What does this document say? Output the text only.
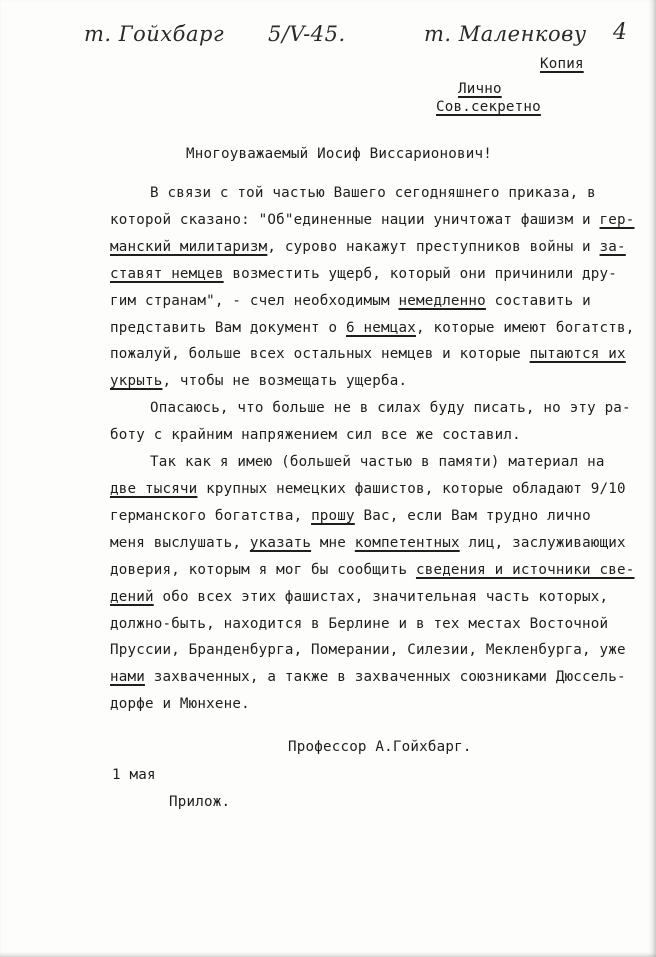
т. Гойхбарг 5/V-45.	т. Маленкову 4
Копия
Лично
Сов.секретно
Многоуважаемый Иосиф Виссарионович!
В связи с той частью Вашего сегодняшнего приказа, в
которой сказано: "Об"единенные нации уничтожат фашизм и гер-
манский милитаризм, сурово накажут преступников войны и за-
ставят немцев возместить ущерб, который они причинили дру-
гим странам", - счел необходимым немедленно составить и
представить Вам документ о 6 немцах, которые имеют богатств,
пожалуй, больше всех остальных немцев и которые пытаются их
укрыть, чтобы не возмещать ущерба.
Опасаюсь, что больше не в силах буду писать, но эту ра-
боту с крайним напряжением сил все же составил.
Так как я имею (большей частью в памяти) материал на
две тысячи крупных немецких фашистов, которые обладают 9/10
германского богатства, прошу Вас, если Вам трудно лично
меня выслушать, указать мне компетентных лиц, заслуживающих
доверия, которым я мог бы сообщить сведения и источники све-
дений обо всех этих фашистах, значительная часть которых,
должно-быть, находится в Берлине и в тех местах Восточной
Пруссии, Бранденбурга, Померании, Силезии, Мекленбурга, уже
нами захваченных, а также в захваченных союзниками Дюссель-
дорфе и Мюнхене.
Профессор А.Гойхбарг.
1 мая
Прилож.
